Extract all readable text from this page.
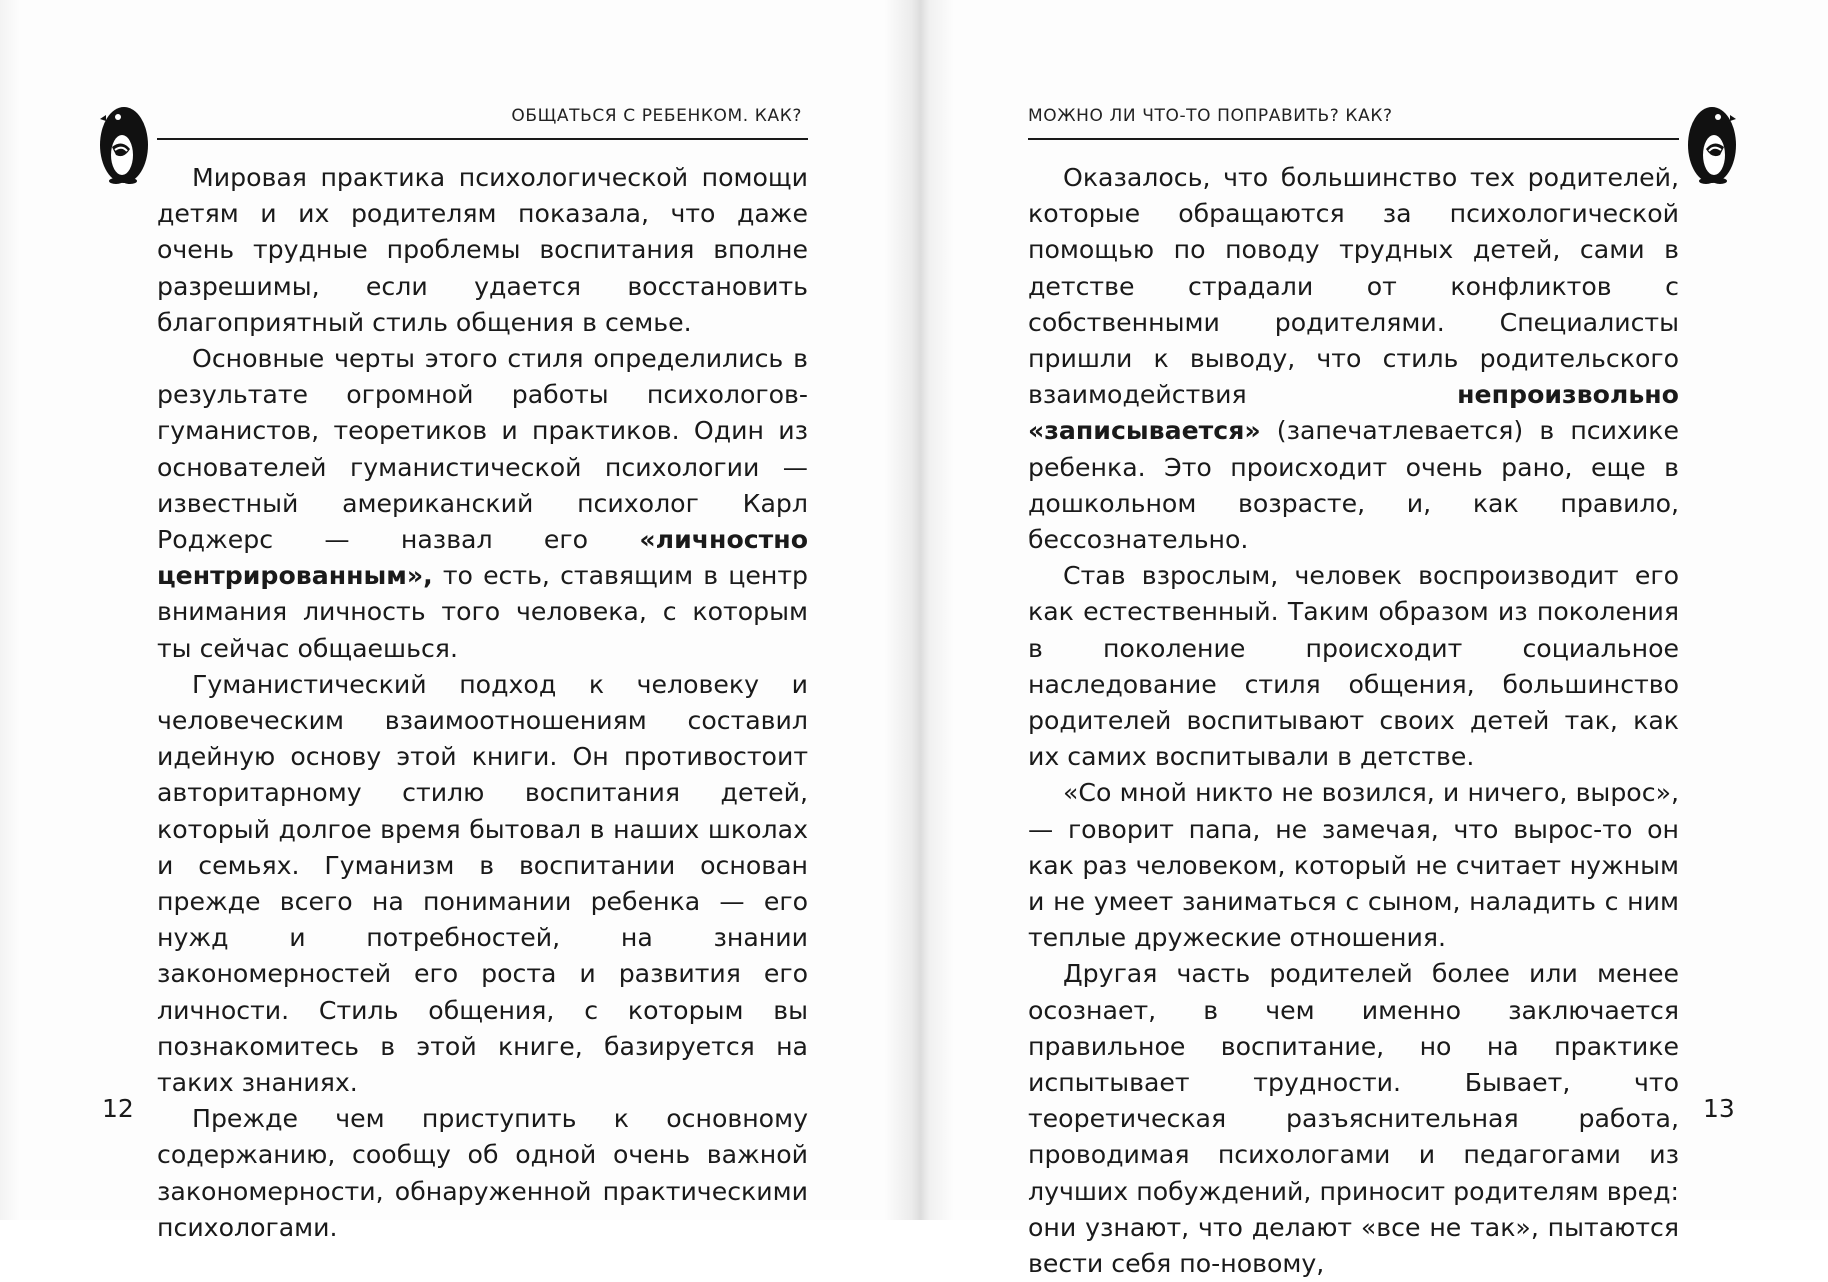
ОБЩАТЬСЯ С РЕБЕНКОМ. КАК?

Мировая практика психологической помощи детям и их родителям показала, что даже очень трудные проблемы воспитания вполне разрешимы, если удается восстановить благоприятный стиль общения в семье.

Основные черты этого стиля определились в результате огромной работы психологов-гуманистов, теоретиков и практиков. Один из основателей гуманистической психологии — известный американский психолог Карл Роджерс — назвал его «личностно центрированным», то есть, ставящим в центр внимания личность того человека, с которым ты сейчас общаешься.

Гуманистический подход к человеку и человеческим взаимоотношениям составил идейную основу этой книги. Он противостоит авторитарному стилю воспитания детей, который долгое время бытовал в наших школах и семьях. Гуманизм в воспитании основан прежде всего на понимании ребенка — его нужд и потребностей, на знании закономерностей его роста и развития его личности. Стиль общения, с которым вы познакомитесь в этой книге, базируется на таких знаниях.

Прежде чем приступить к основному содержанию, сообщу об одной очень важной закономерности, обнаруженной практическими психологами.

12
МОЖНО ЛИ ЧТО-ТО ПОПРАВИТЬ? КАК?

Оказалось, что большинство тех родителей, которые обращаются за психологической помощью по поводу трудных детей, сами в детстве страдали от конфликтов с собственными родителями. Специалисты пришли к выводу, что стиль родительского взаимодействия непроизвольно «записывается» (запечатлевается) в психике ребенка. Это происходит очень рано, еще в дошкольном возрасте, и, как правило, бессознательно.

Став взрослым, человек воспроизводит его как естественный. Таким образом из поколения в поколение происходит социальное наследование стиля общения, большинство родителей воспитывают своих детей так, как их самих воспитывали в детстве.

«Со мной никто не возился, и ничего, вырос», — говорит папа, не замечая, что вырос-то он как раз человеком, который не считает нужным и не умеет заниматься с сыном, наладить с ним теплые дружеские отношения.

Другая часть родителей более или менее осознает, в чем именно заключается правильное воспитание, но на практике испытывает трудности. Бывает, что теоретическая разъяснительная работа, проводимая психологами и педагогами из лучших побуждений, приносит родителям вред: они узнают, что делают «все не так», пытаются вести себя по-новому,

13
